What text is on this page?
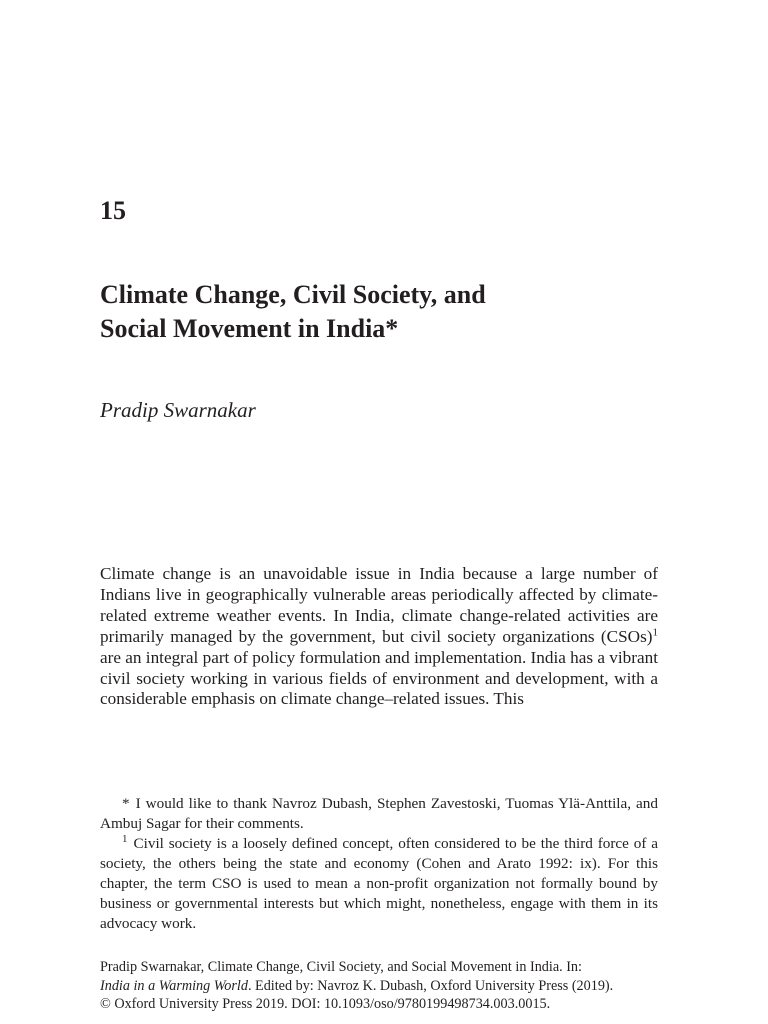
15
Climate Change, Civil Society, and
Social Movement in India*
Pradip Swarnakar

Climate change is an unavoidable issue in India because a large number of Indians live in geographically vulnerable areas periodically affected by climate-related extreme weather events. In India, climate change-related activities are primarily managed by the government, but civil society organizations (CSOs)$^1$ are an integral part of policy formulation and implementation. India has a vibrant civil society working in various fields of environment and development, with a considerable emphasis on climate change–related issues. This

* I would like to thank Navroz Dubash, Stephen Zavestoski, Tuomas Ylä-Anttila, and Ambuj Sagar for their comments.

$^1$ Civil society is a loosely defined concept, often considered to be the third force of a society, the others being the state and economy (Cohen and Arato 1992: ix). For this chapter, the term CSO is used to mean a non-profit organization not formally bound by business or governmental interests but which might, nonetheless, engage with them in its advocacy work.

Pradip Swarnakar, Climate Change, Civil Society, and Social Movement in India. In:
India in a Warming World. Edited by: Navroz K. Dubash, Oxford University Press (2019).
© Oxford University Press 2019. DOI: 10.1093/oso/9780199498734.003.0015.
